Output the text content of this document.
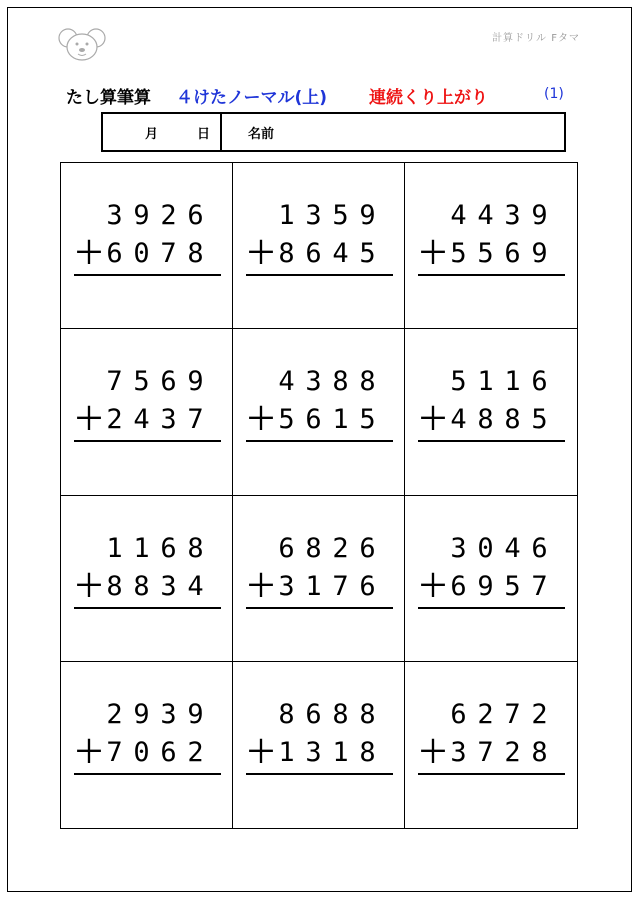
計算ドリル Fタマ
たし算筆算 ４けたノーマル(上) 連続くり上がり	(1)
月	日	名前
3 9 2 6
＋ 6 0 7 8
1 3 5 9
＋ 8 6 4 5
4 4 3 9
＋ 5 5 6 9
7 5 6 9
＋ 2 4 3 7
4 3 8 8
＋ 5 6 1 5
5 1 1 6
＋ 4 8 8 5
1 1 6 8
＋ 8 8 3 4
6 8 2 6
＋ 3 1 7 6
3 0 4 6
＋ 6 9 5 7
2 9 3 9
＋ 7 0 6 2
8 6 8 8
＋ 1 3 1 8
6 2 7 2
＋ 3 7 2 8
